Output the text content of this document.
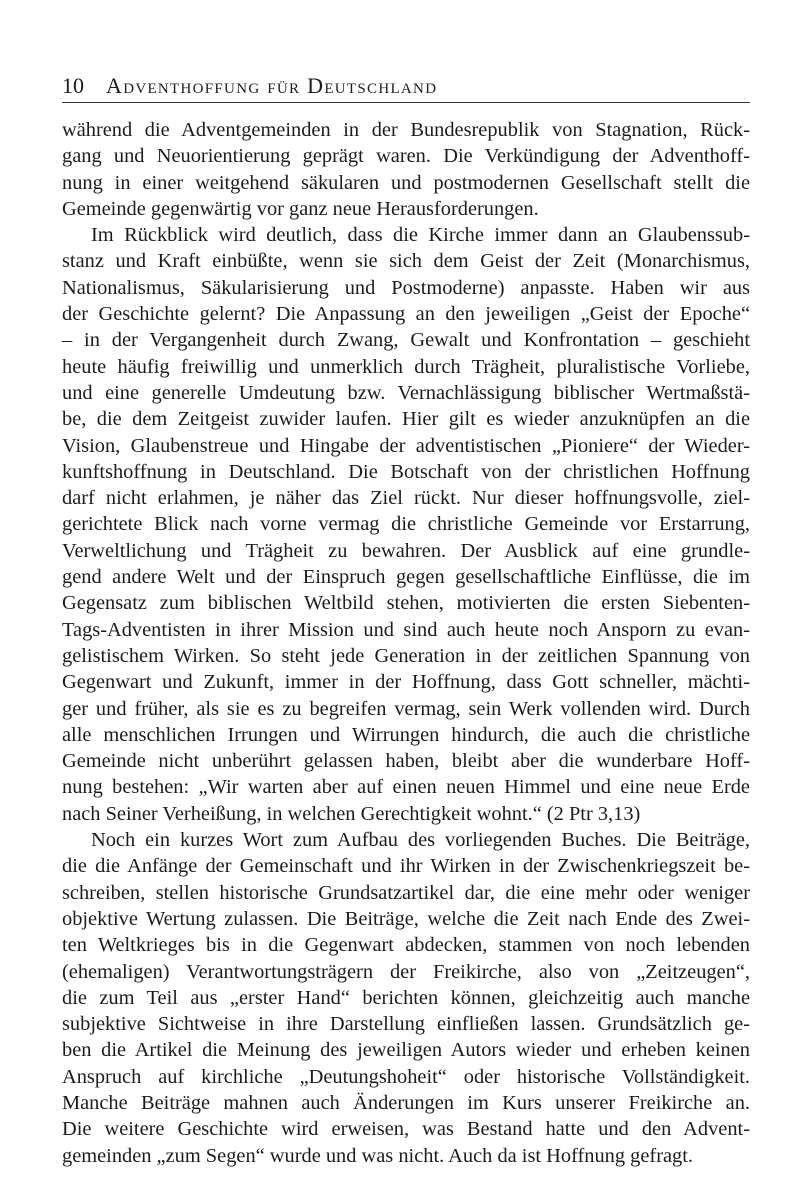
10 Adventhoffung für Deutschland
während die Adventgemeinden in der Bundesrepublik von Stagnation, Rück-
gang und Neuorientierung geprägt waren. Die Verkündigung der Adventhoff-
nung in einer weitgehend säkularen und postmodernen Gesellschaft stellt die
Gemeinde gegenwärtig vor ganz neue Herausforderungen.
Im Rückblick wird deutlich, dass die Kirche immer dann an Glaubenssub-
stanz und Kraft einbüßte, wenn sie sich dem Geist der Zeit (Monarchismus,
Nationalismus, Säkularisierung und Postmoderne) anpasste. Haben wir aus
der Geschichte gelernt? Die Anpassung an den jeweiligen „Geist der Epoche“
– in der Vergangenheit durch Zwang, Gewalt und Konfrontation – geschieht
heute häufig freiwillig und unmerklich durch Trägheit, pluralistische Vorliebe,
und eine generelle Umdeutung bzw. Vernachlässigung biblischer Wertmaßstä-
be, die dem Zeitgeist zuwider laufen. Hier gilt es wieder anzuknüpfen an die
Vision, Glaubenstreue und Hingabe der adventistischen „Pioniere“ der Wieder-
kunftshoffnung in Deutschland. Die Botschaft von der christlichen Hoffnung
darf nicht erlahmen, je näher das Ziel rückt. Nur dieser hoffnungsvolle, ziel-
gerichtete Blick nach vorne vermag die christliche Gemeinde vor Erstarrung,
Verweltlichung und Trägheit zu bewahren. Der Ausblick auf eine grundle-
gend andere Welt und der Einspruch gegen gesellschaftliche Einflüsse, die im
Gegensatz zum biblischen Weltbild stehen, motivierten die ersten Siebenten-
Tags-Adventisten in ihrer Mission und sind auch heute noch Ansporn zu evan-
gelistischem Wirken. So steht jede Generation in der zeitlichen Spannung von
Gegenwart und Zukunft, immer in der Hoffnung, dass Gott schneller, mächti-
ger und früher, als sie es zu begreifen vermag, sein Werk vollenden wird. Durch
alle menschlichen Irrungen und Wirrungen hindurch, die auch die christliche
Gemeinde nicht unberührt gelassen haben, bleibt aber die wunderbare Hoff-
nung bestehen: „Wir warten aber auf einen neuen Himmel und eine neue Erde
nach Seiner Verheißung, in welchen Gerechtigkeit wohnt.“ (2 Ptr 3,13)
Noch ein kurzes Wort zum Aufbau des vorliegenden Buches. Die Beiträge,
die die Anfänge der Gemeinschaft und ihr Wirken in der Zwischenkriegszeit be-
schreiben, stellen historische Grundsatzartikel dar, die eine mehr oder weniger
objektive Wertung zulassen. Die Beiträge, welche die Zeit nach Ende des Zwei-
ten Weltkrieges bis in die Gegenwart abdecken, stammen von noch lebenden
(ehemaligen) Verantwortungsträgern der Freikirche, also von „Zeitzeugen“,
die zum Teil aus „erster Hand“ berichten können, gleichzeitig auch manche
subjektive Sichtweise in ihre Darstellung einfließen lassen. Grundsätzlich ge-
ben die Artikel die Meinung des jeweiligen Autors wieder und erheben keinen
Anspruch auf kirchliche „Deutungshoheit“ oder historische Vollständigkeit.
Manche Beiträge mahnen auch Änderungen im Kurs unserer Freikirche an.
Die weitere Geschichte wird erweisen, was Bestand hatte und den Advent-
gemeinden „zum Segen“ wurde und was nicht. Auch da ist Hoffnung gefragt.
